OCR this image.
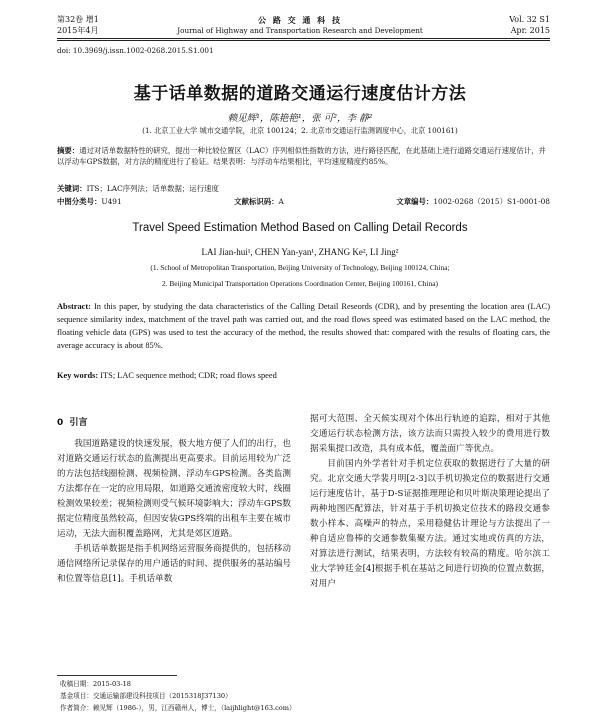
第32卷 增1
2015年4月
公 路 交 通 科 技
Journal of Highway and Transportation Research and Development
Vol. 32 S1
Apr. 2015
doi: 10.3969/j.issn.1002-0268.2015.S1.001
基于话单数据的道路交通运行速度估计方法
赖见辉¹，陈艳艳¹，张 可²，李 静²
(1. 北京工业大学 城市交通学院，北京 100124；2. 北京市交通运行监测调度中心，北京 100161)
摘要：通过对话单数据特性的研究，提出一种比较位置区（LAC）序列相似性指数的方法，进行路径匹配，在此基础上进行道路交通运行速度估计，并以浮动车GPS数据，对方法的精度进行了验证。结果表明：与浮动车结果相比，平均速度精度约85%。
关键词：ITS；LAC序列法；话单数据；运行速度
中图分类号：U491	文献标识码：A	文章编号：1002-0268（2015）S1-0001-08
Travel Speed Estimation Method Based on Calling Detail Records
LAI Jian-hui¹, CHEN Yan-yan¹, ZHANG Ke², LI Jing²
(1. School of Metropolitan Transportation, Beijing University of Technology, Beijing 100124, China;
2. Beijing Municipal Transportation Operations Coordination Center, Beijing 100161, China)
Abstract: In this paper, by studying the data characteristics of the Calling Detail Reseords (CDR), and by presenting the location area (LAC) sequence similarity index, matchment of the travel path was carried out, and the road flows speed was estimated based on the LAC method, the floating vehicle data (GPS) was used to test the accuracy of the method, the results showed that: compared with the results of floating cars, the average accuracy is about 85%.
Key words: ITS; LAC sequence method; CDR; road flows speed
0 引言

我国道路建设的快速发展，极大地方便了人们的出行，也对道路交通运行状态的监测提出更高要求。目前运用较为广泛的方法包括线圈检测、视频检测、浮动车GPS检测。各类监测方法都存在一定的应用局限，如道路交通流密度较大时，线圈检测效果较差；视频检测则受气候环境影响大；浮动车GPS数据定位精度虽然较高，但因安装GPS终端的出租车主要在城市运动，无法大面积覆盖路网，尤其是郊区道路。

手机话单数据是指手机网络运营服务商提供的，包括移动通信网络所记录保存的用户通话的时间、提供服务的基站编号和位置等信息[1]。手机话单数

据可大范围、全天候实现对个体出行轨迹的追踪，相对于其他交通运行状态检测方法，该方法而只需投入较少的费用进行数据采集提口改造，具有成本低，覆盖面广等优点。

目前国内外学者针对手机定位获取的数据进行了大量的研究。北京交通大学裴月明[2-3]以手机切换定位的数据进行交通运行速度估计，基于D-S证据推理理论和贝叶斯决策理论提出了两种地图匹配算法，针对基于手机切换定位技术的路段交通参数小样本、高噪声的特点，采用稳健估计理论与方法提出了一种自适应鲁棒的交通参数集聚方法。通过实地或仿真的方法，对算法进行测试，结果表明，方法较有较高的精度。哈尔滨工业大学钟廷金[4]根据手机在基站之间进行切换的位置点数据，对用户

收稿日期：2015-03-18
基金项目：交通运输部建设科技项目（2015318J37130）
作者简介：赖见辉（1986-），男，江西赣州人，博士，（laijhlight@163.com）
